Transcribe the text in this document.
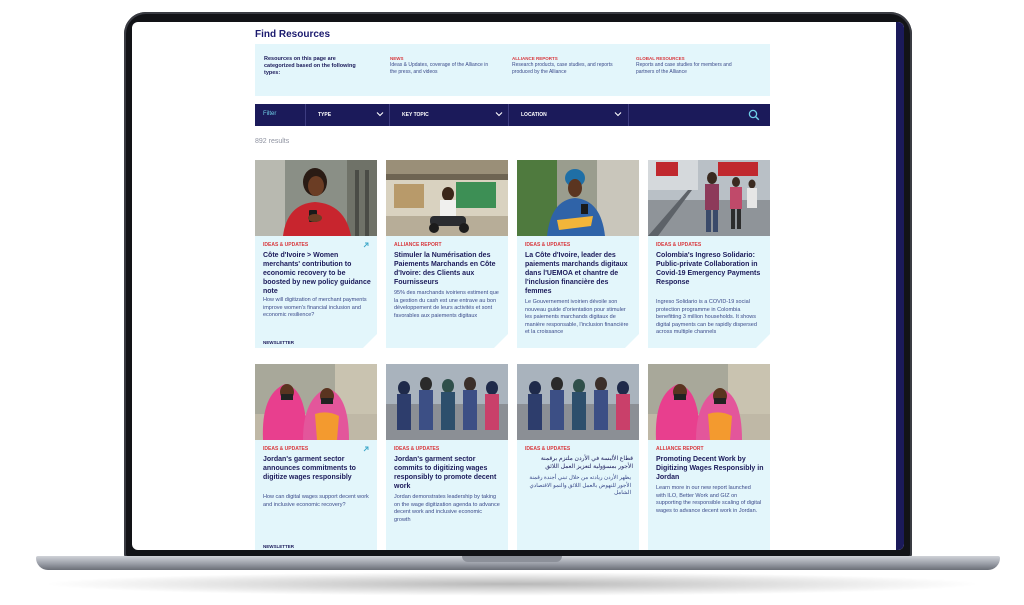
Find Resources
Resources on this page are categorized based on the following types:
NEWS
Ideas & Updates, coverage of the Alliance in the press, and videos
ALLIANCE REPORTS
Research products, case studies, and reports produced by the Alliance
GLOBAL RESOURCES
Reports and case studies for members and partners of the Alliance
Filter	TYPE	KEY TOPIC	LOCATION
892 results
IDEAS & UPDATES
Côte d'Ivoire > Women merchants' contribution to economic recovery to be boosted by new policy guidance note
How will digitization of merchant payments improve women's financial inclusion and economic resilience?
NEWSLETTER
ALLIANCE REPORT
Stimuler la Numérisation des Paiements Marchands en Côte d'Ivoire: des Clients aux Fournisseurs
95% des marchands ivoiriens estiment que la gestion du cash est une entrave au bon développement de leurs activités et sont favorables aux paiements digitaux
IDEAS & UPDATES
La Côte d'Ivoire, leader des paiements marchands digitaux dans l'UEMOA et chantre de l'inclusion financière des femmes
Le Gouvernement ivoirien dévoile son nouveau guide d'orientation pour stimuler les paiements marchands digitaux de manière responsable, l'inclusion financière et la croissance
IDEAS & UPDATES
Colombia's Ingreso Solidario: Public-private Collaboration in Covid-19 Emergency Payments Response
Ingreso Solidario is a COVID-19 social protection programme in Colombia benefitting 3 million households. It shows digital payments can be rapidly dispersed across multiple channels
IDEAS & UPDATES
Jordan's garment sector announces commitments to digitize wages responsibly
How can digital wages support decent work and inclusive economic recovery?
NEWSLETTER
IDEAS & UPDATES
Jordan's garment sector commits to digitizing wages responsibly to promote decent work
Jordan demonstrates leadership by taking on the wage digitization agenda to advance decent work and inclusive economic growth
IDEAS & UPDATES
قطاع الألبسة في الأردن ملتزم برقمنة الأجور بمسؤولية لتعزيز العمل اللائق
يظهر الأردن ريادته من خلال تبني أجندة رقمنة الأجور للنهوض بالعمل اللائق والنمو الاقتصادي الشامل
ALLIANCE REPORT
Promoting Decent Work by Digitizing Wages Responsibly in Jordan
Learn more in our new report launched with ILO, Better Work and GIZ on supporting the responsible scaling of digital wages to advance decent work in Jordan.
